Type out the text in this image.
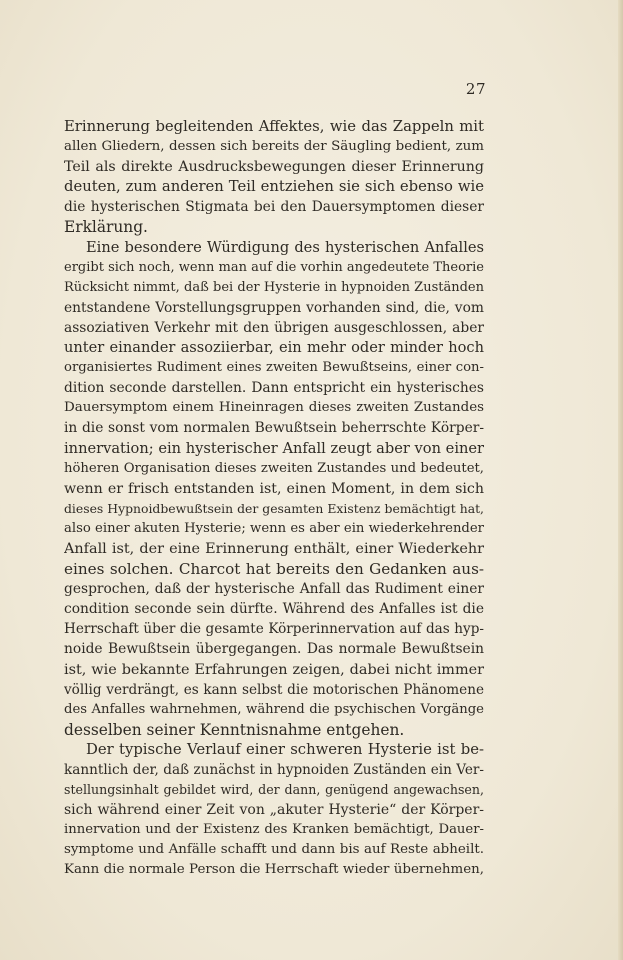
27
Erinnerung begleitenden Affektes, wie das Zappeln mit
allen Gliedern, dessen sich bereits der Säugling bedient, zum
Teil als direkte Ausdrucksbewegungen dieser Erinnerung
deuten, zum anderen Teil entziehen sie sich ebenso wie
die hysterischen Stigmata bei den Dauersymptomen dieser
Erklärung.
Eine besondere Würdigung des hysterischen Anfalles
ergibt sich noch, wenn man auf die vorhin angedeutete Theorie
Rücksicht nimmt, daß bei der Hysterie in hypnoiden Zuständen
entstandene Vorstellungsgruppen vorhanden sind, die, vom
assoziativen Verkehr mit den übrigen ausgeschlossen, aber
unter einander assoziierbar, ein mehr oder minder hoch
organisiertes Rudiment eines zweiten Bewußtseins, einer con-
dition seconde darstellen. Dann entspricht ein hysterisches
Dauersymptom einem Hineinragen dieses zweiten Zustandes
in die sonst vom normalen Bewußtsein beherrschte Körper-
innervation; ein hysterischer Anfall zeugt aber von einer
höheren Organisation dieses zweiten Zustandes und bedeutet,
wenn er frisch entstanden ist, einen Moment, in dem sich
dieses Hypnoidbewußtsein der gesamten Existenz bemächtigt hat,
also einer akuten Hysterie; wenn es aber ein wiederkehrender
Anfall ist, der eine Erinnerung enthält, einer Wiederkehr
eines solchen. Charcot hat bereits den Gedanken aus-
gesprochen, daß der hysterische Anfall das Rudiment einer
condition seconde sein dürfte. Während des Anfalles ist die
Herrschaft über die gesamte Körperinnervation auf das hyp-
noide Bewußtsein übergegangen. Das normale Bewußtsein
ist, wie bekannte Erfahrungen zeigen, dabei nicht immer
völlig verdrängt, es kann selbst die motorischen Phänomene
des Anfalles wahrnehmen, während die psychischen Vorgänge
desselben seiner Kenntnisnahme entgehen.
Der typische Verlauf einer schweren Hysterie ist be-
kanntlich der, daß zunächst in hypnoiden Zuständen ein Ver-
stellungsinhalt gebildet wird, der dann, genügend angewachsen,
sich während einer Zeit von „akuter Hysterie“ der Körper-
innervation und der Existenz des Kranken bemächtigt, Dauer-
symptome und Anfälle schafft und dann bis auf Reste abheilt.
Kann die normale Person die Herrschaft wieder übernehmen,
